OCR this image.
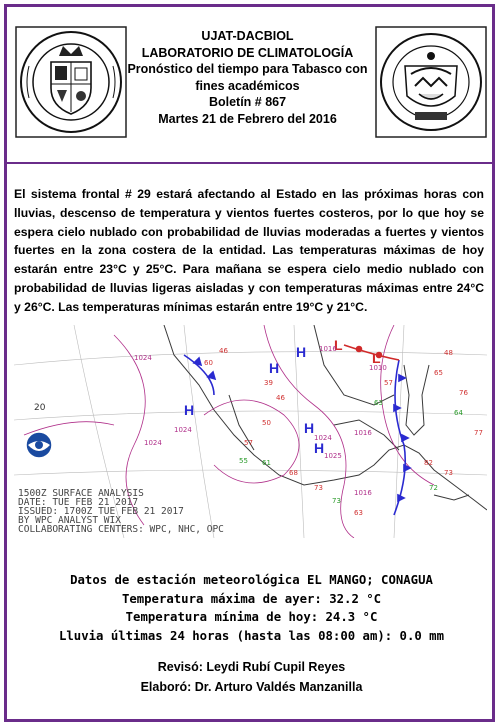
UJAT-DACBIOL
LABORATORIO DE CLIMATOLOGÍA
Pronóstico del tiempo para Tabasco con
fines académicos
Boletín # 867
Martes 21 de Febrero del 2016
El sistema frontal # 29 estará afectando al Estado en las próximas horas con lluvias, descenso de temperatura y vientos fuertes costeros, por lo que hoy se espera cielo nublado con probabilidad de lluvias moderadas a fuertes y vientos fuertes en la zona costera de la entidad. Las temperaturas máximas de hoy estarán entre 23°C y 25°C. Para mañana se espera cielo medio nublado con probabilidad de lluvias ligeras aisladas y con temperaturas máximas entre 24°C y 26°C. Las temperaturas mínimas estarán entre 19°C y 21°C.
H
H
H
H
H
L
L
1024
1024
1025
1016
1010
1024
1016
1024
1016
60
46
39
46
50
57
55 61
68
73
73
63
82
73
72
76
64
65
48
57
63
77
20
1500Z SURFACE ANALYSIS
DATE: TUE FEB 21 2017
ISSUED: 1700Z TUE FEB 21 2017
BY WPC ANALYST WIX
COLLABORATING CENTERS: WPC, NHC, OPC
Datos de estación meteorológica EL MANGO; CONAGUA
Temperatura máxima de ayer: 32.2 °C
Temperatura mínima de hoy: 24.3 °C
Lluvia últimas 24 horas (hasta las 08:00 am): 0.0 mm
Revisó: Leydi Rubí Cupil Reyes
Elaboró: Dr. Arturo Valdés Manzanilla
